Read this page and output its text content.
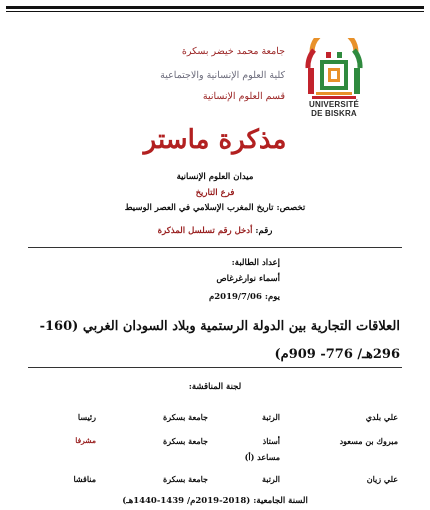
UNIVERSITÉ
DE BISKRA
جامعة محمد خيضر بسكرة
كلية العلوم الإنسانية والاجتماعية
قسم العلوم الإنسانية
مذكرة ماستر
ميدان العلوم الإنسانية
فرع التاريخ
تخصص: تاريخ المغرب الإسلامي في العصر الوسيط
رقم: أدخل رقم تسلسل المذكرة
إعداد الطالبة:
أسماء نوارغرغاص
يوم: 2019/7/06م
العلاقات التجارية بين الدولة الرستمية وبلاد السودان الغربي (160- 296هـ/ 776- 909م)
لجنة المناقشة:
علي بلدي
الرتبة
جامعة بسكرة
رئيسا
مبروك بن مسعود
أستاذ
جامعة بسكرة
مشرفا
مساعد (أ)
علي زيان
الرتبة
جامعة بسكرة
مناقشا
السنة الجامعية: (2018-2019م/ 1439-1440هـ)
